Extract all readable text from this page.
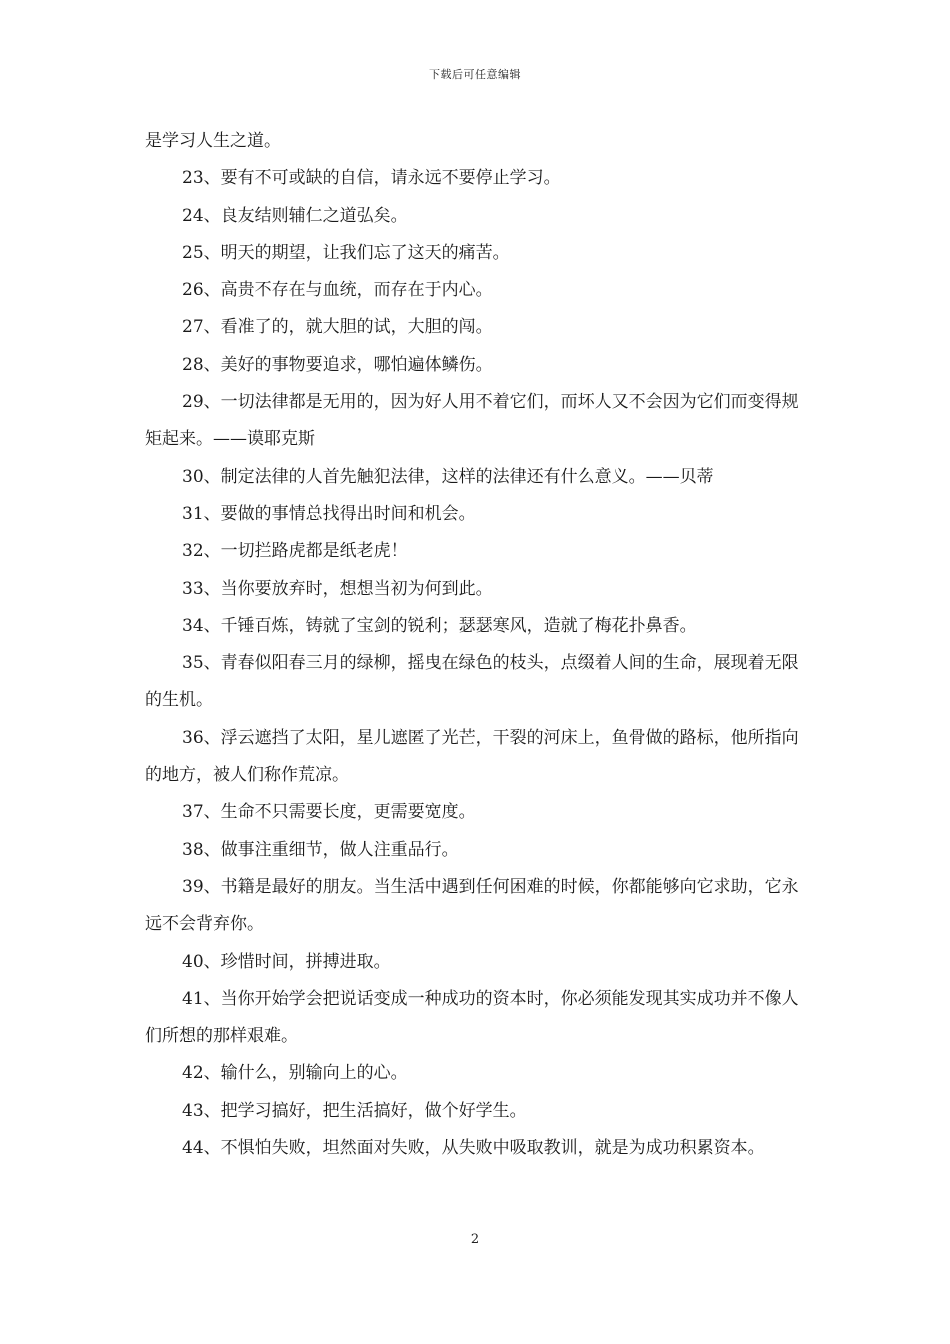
下载后可任意编辑

是学习人生之道。

23、要有不可或缺的自信，请永远不要停止学习。

24、良友结则辅仁之道弘矣。

25、明天的期望，让我们忘了这天的痛苦。

26、高贵不存在与血统，而存在于内心。

27、看准了的，就大胆的试，大胆的闯。

28、美好的事物要追求，哪怕遍体鳞伤。

29、一切法律都是无用的，因为好人用不着它们，而坏人又不会因为它们而变得规矩起来。——谟耶克斯

30、制定法律的人首先触犯法律，这样的法律还有什么意义。——贝蒂

31、要做的事情总找得出时间和机会。

32、一切拦路虎都是纸老虎！

33、当你要放弃时，想想当初为何到此。

34、千锤百炼，铸就了宝剑的锐利；瑟瑟寒风，造就了梅花扑鼻香。

35、青春似阳春三月的绿柳，摇曳在绿色的枝头，点缀着人间的生命，展现着无限的生机。

36、浮云遮挡了太阳，星儿遮匿了光芒，干裂的河床上，鱼骨做的路标，他所指向的地方，被人们称作荒凉。

37、生命不只需要长度，更需要宽度。

38、做事注重细节，做人注重品行。

39、书籍是最好的朋友。当生活中遇到任何困难的时候，你都能够向它求助，它永远不会背弃你。

40、珍惜时间，拼搏进取。

41、当你开始学会把说话变成一种成功的资本时，你必须能发现其实成功并不像人们所想的那样艰难。

42、输什么，别输向上的心。

43、把学习搞好，把生活搞好，做个好学生。

44、不惧怕失败，坦然面对失败，从失败中吸取教训，就是为成功积累资本。

2
